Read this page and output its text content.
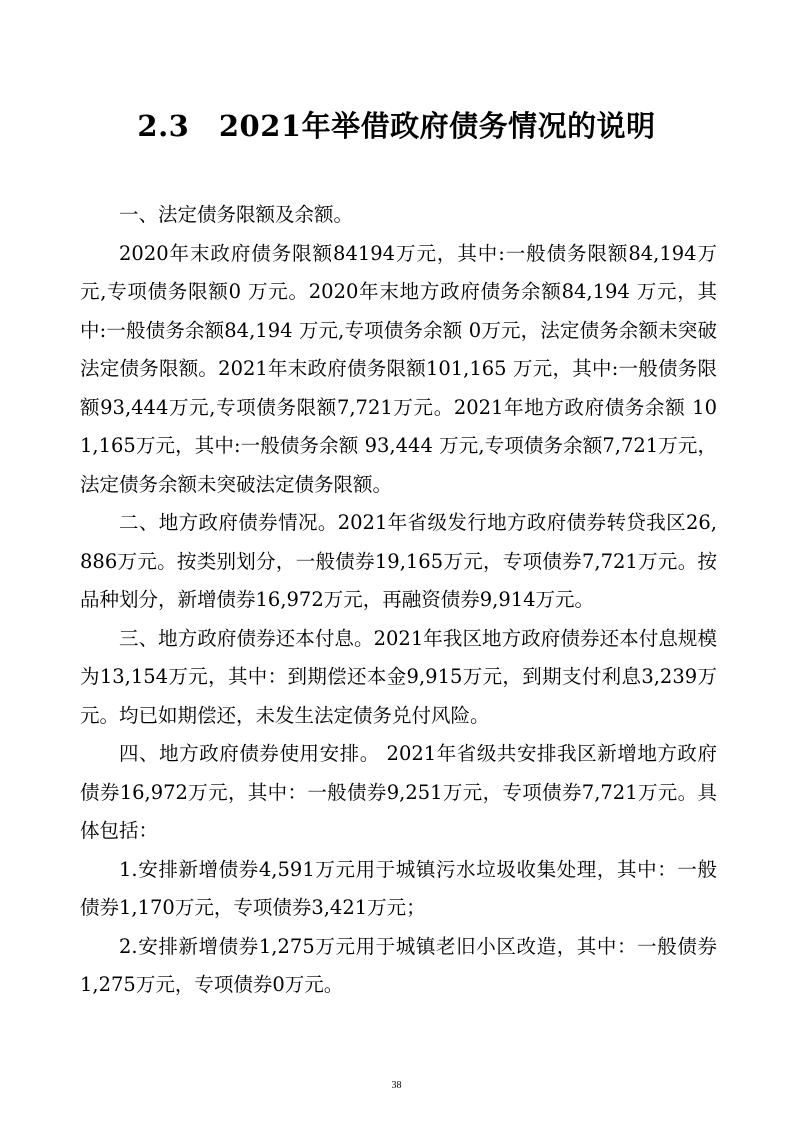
2.3　2021年举借政府债务情况的说明

一、法定债务限额及余额。

2020年末政府债务限额84194万元，其中:一般债务限额84,194万元,专项债务限额0 万元。2020年末地方政府债务余额84,194 万元，其中:一般债务余额84,194 万元,专项债务余额 0万元，法定债务余额未突破法定债务限额。2021年末政府债务限额101,165 万元，其中:一般债务限额93,444万元,专项债务限额7,721万元。2021年地方政府债务余额 101,165万元，其中:一般债务余额 93,444 万元,专项债务余额7,721万元，法定债务余额未突破法定债务限额。

二、地方政府债券情况。2021年省级发行地方政府债券转贷我区26,886万元。按类别划分，一般债券19,165万元，专项债券7,721万元。按品种划分，新增债券16,972万元，再融资债券9,914万元。

三、地方政府债券还本付息。2021年我区地方政府债券还本付息规模为13,154万元，其中：到期偿还本金9,915万元，到期支付利息3,239万元。均已如期偿还，未发生法定债务兑付风险。

四、地方政府债券使用安排。 2021年省级共安排我区新增地方政府债券16,972万元，其中：一般债券9,251万元，专项债券7,721万元。具体包括：

1.安排新增债券4,591万元用于城镇污水垃圾收集处理，其中：一般债券1,170万元，专项债券3,421万元；

2.安排新增债券1,275万元用于城镇老旧小区改造，其中：一般债券1,275万元，专项债券0万元。

38
